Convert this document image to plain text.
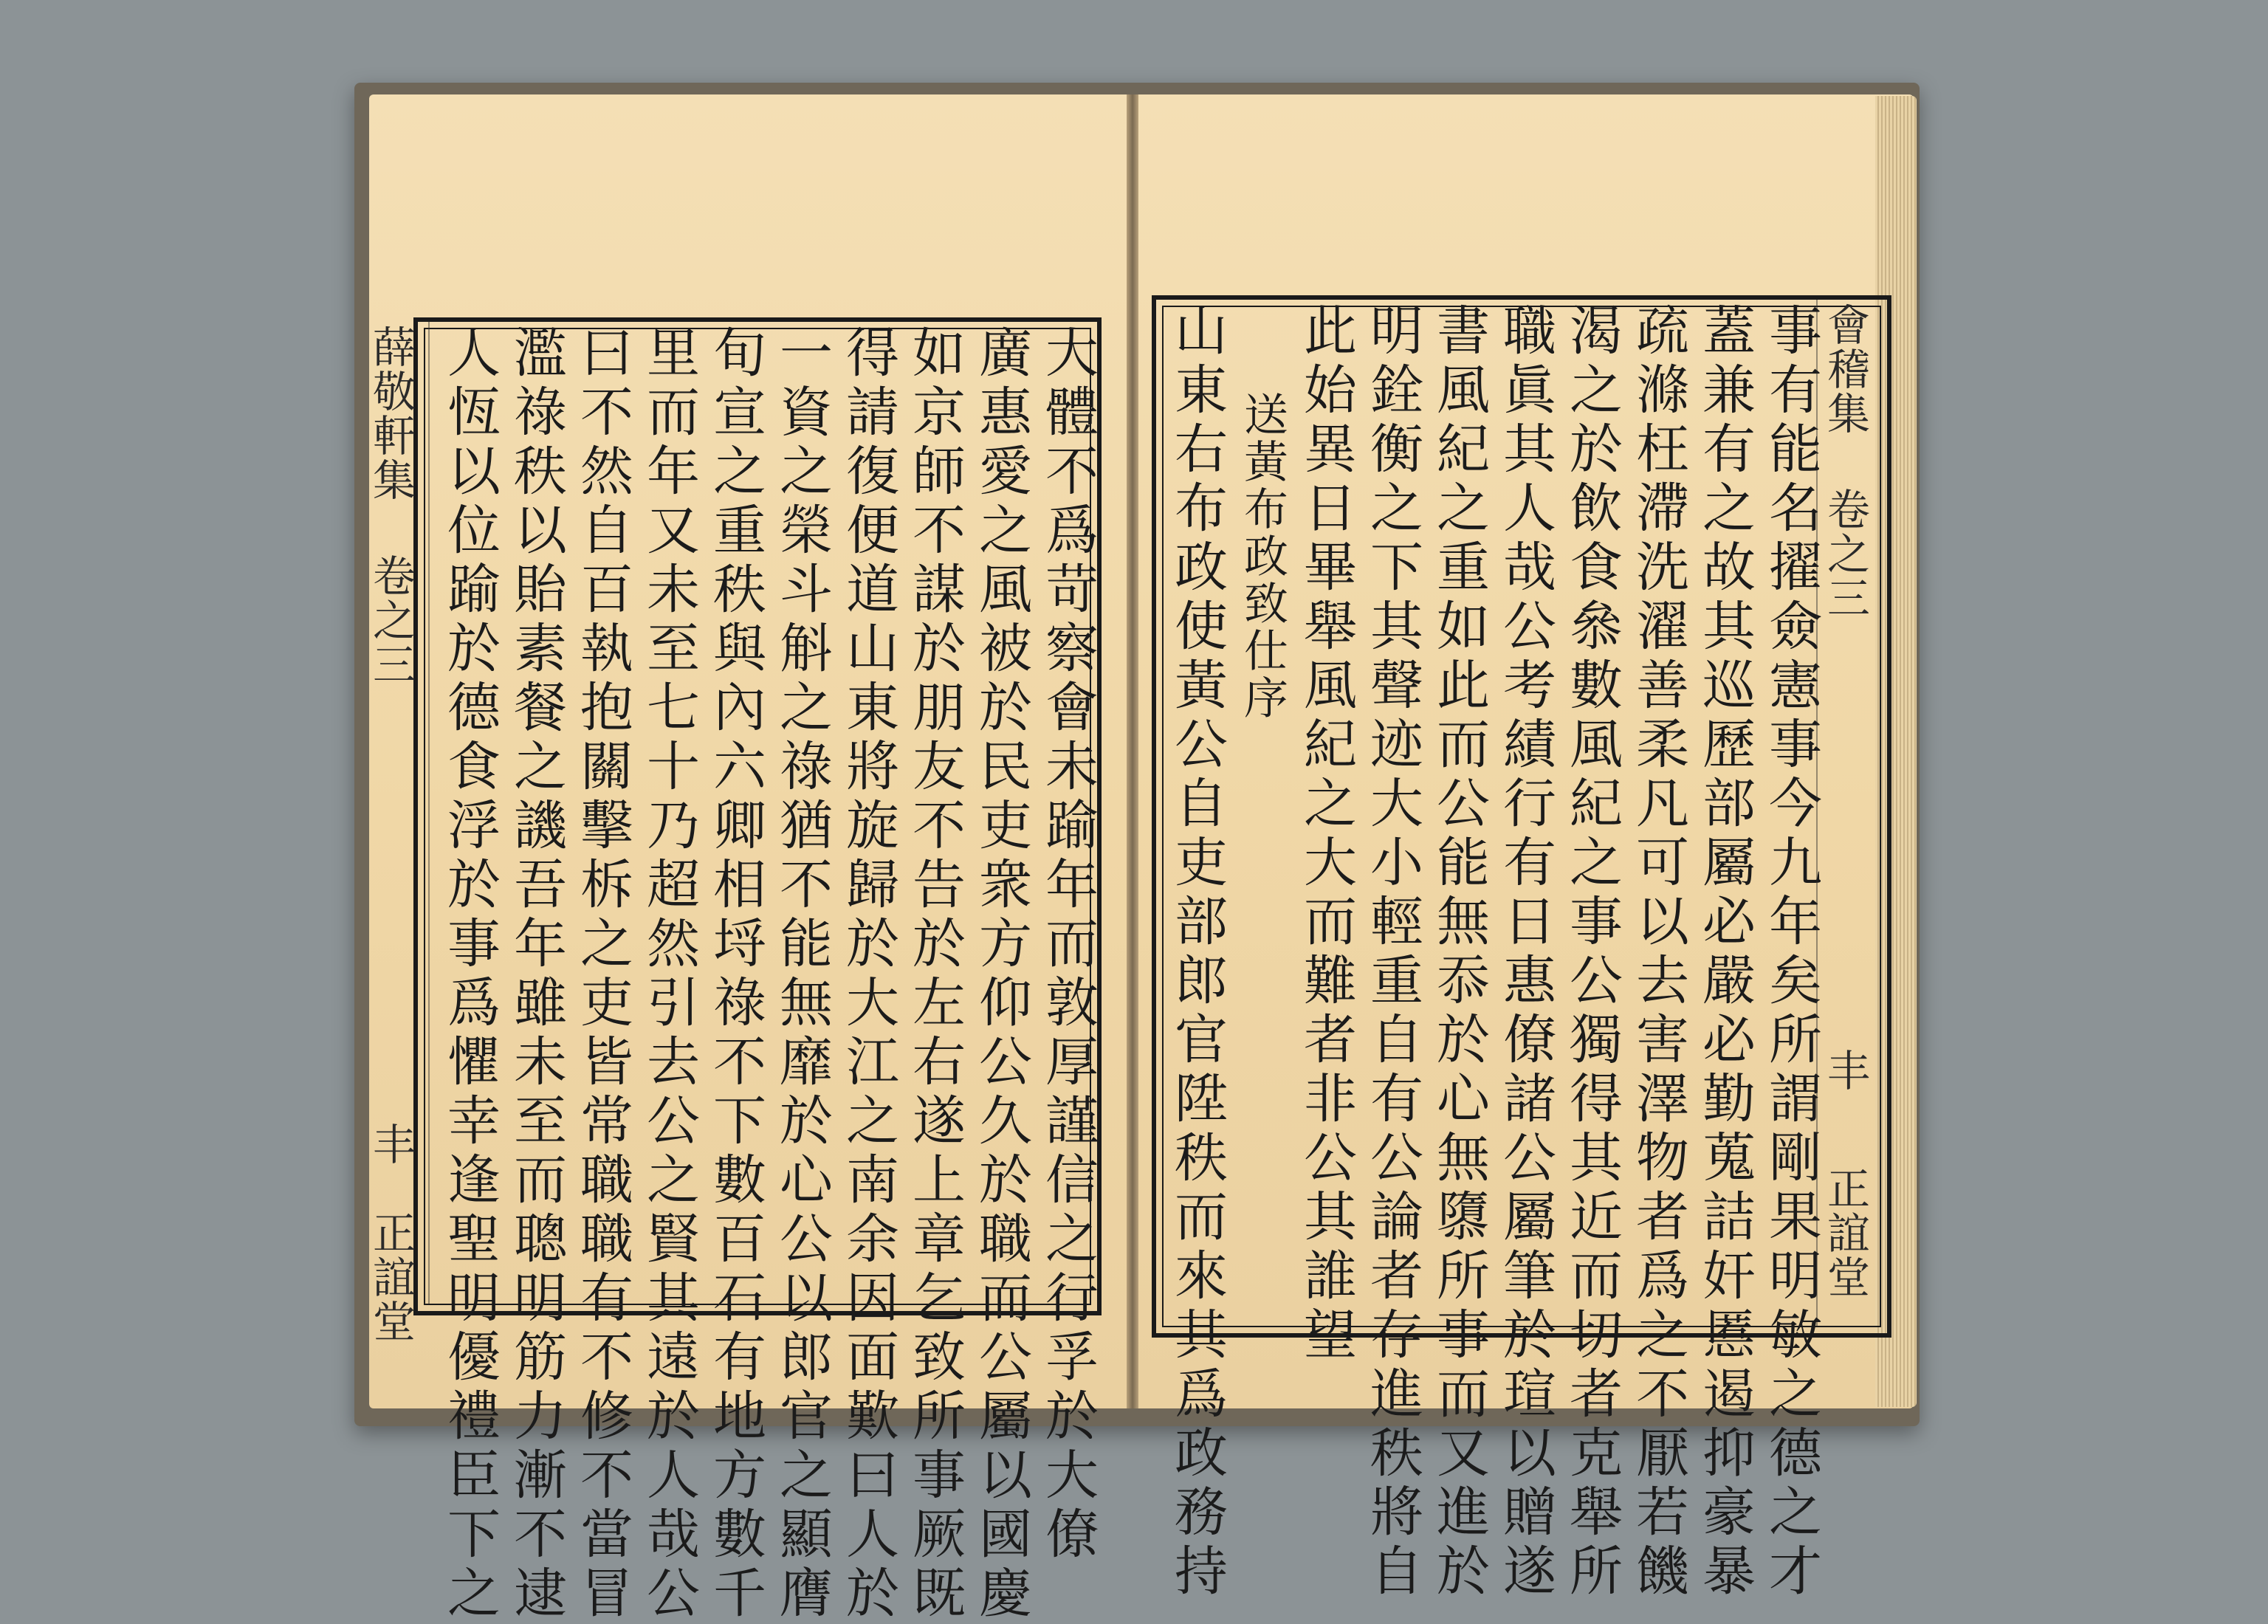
會稽集 卷之三
丰
正誼堂
事有能名擢僉憲事今九年矣所謂剛果明敏之德之才
蓋兼有之故其巡歷部屬必嚴必勤蒐詰奸慝遏抑豪暴
疏滌枉滯洗濯善柔凡可以去害澤物者爲之不厭若饑
渴之於飲食叅數風紀之事公獨得其近而切者克舉所
職眞其人哉公考績行有日惠僚諸公屬筆於瑄以贈遂
書風紀之重如此而公能無忝於心無隳所事而又進於
明銓衡之下其聲迹大小輕重自有公論者存進秩將自
此始異日畢舉風紀之大而難者非公其誰望
送黃布政致仕序
山東右布政使黃公自吏部郎官陞秩而來其爲政務持
薛敬軒集 卷之三
丰
正誼堂	大體不爲苛察會未踰年而敦厚謹信之行孚於大僚
廣惠愛之風被於民吏衆方仰公久於職而公屬以國慶
如京師不謀於朋友不告於左右遂上章乞致所事厥既
得請復便道山東將旋歸於大江之南余因面歎曰人於
一資之榮斗斛之祿猶不能無靡於心公以郎官之顯膺
旬宣之重秩與內六卿相埒祿不下數百石有地方數千
里而年又未至七十乃超然引去公之賢其遠於人哉公
曰不然自百執抱關擊柝之吏皆常職職有不修不當冒
濫祿秩以貽素餐之譏吾年雖未至而聰明筋力漸不逮
人恆以位踰於德食浮於事爲懼幸逢聖明優禮臣下之
